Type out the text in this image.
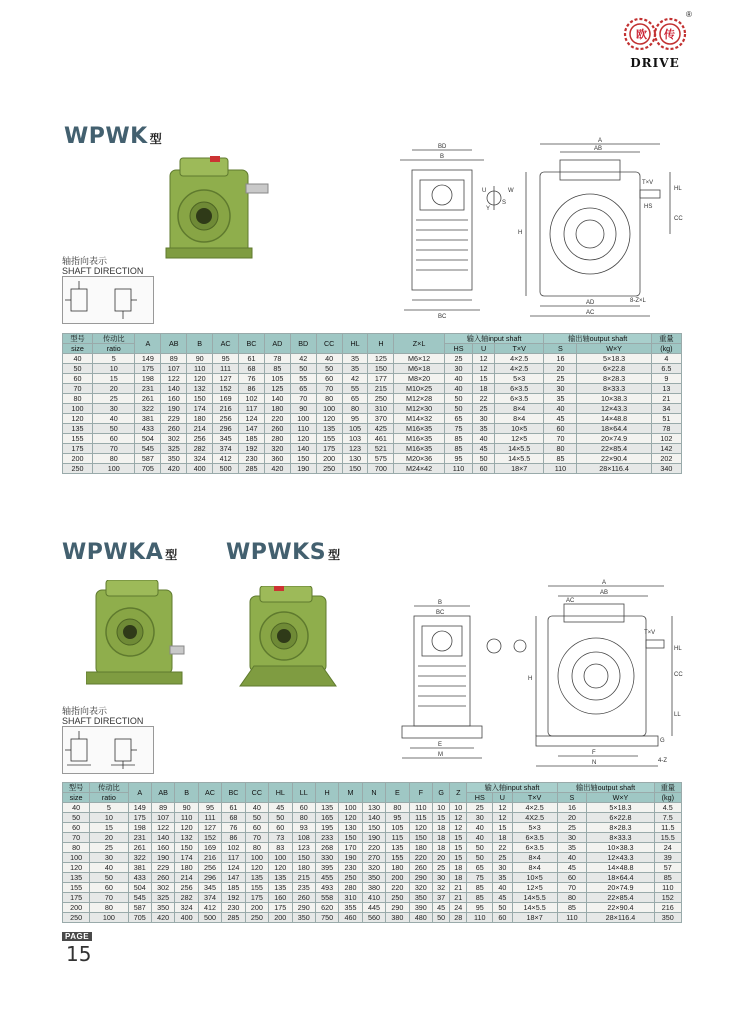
欧 传
®
DRIVE
WPWK 型
轴指向表示
SHAFT DIRECTION
A
AB
B
BD
AD
AC
BC
HS
HL
CC
H
T×V
U
S
W
Y
8-Z×L
型号	传动比	A	AB	B	AC	BC	AD	BD	CC	HL	H	Z×L	输入轴input shaft			输出轴output shaft		重量
size	ratio												HS	U	T×V	S	W×Y	(kg)
40	5	149	89	90	95	61	78	42	40	35	125	M6×12	25	12	4×2.5	16	5×18.3	4
50	10	175	107	110	111	68	85	50	50	35	150	M6×18	30	12	4×2.5	20	6×22.8	6.5
60	15	198	122	120	127	76	105	55	60	42	177	M8×20	40	15	5×3	25	8×28.3	9
70	20	231	140	132	152	86	125	65	70	55	215	M10×25	40	18	6×3.5	30	8×33.3	13
80	25	261	160	150	169	102	140	70	80	65	250	M12×28	50	22	6×3.5	35	10×38.3	21
100	30	322	190	174	216	117	180	90	100	80	310	M12×30	50	25	8×4	40	12×43.3	34
120	40	381	229	180	256	124	220	100	120	95	370	M14×32	65	30	8×4	45	14×48.8	51
135	50	433	260	214	296	147	260	110	135	105	425	M16×35	75	35	10×5	60	18×64.4	78
155	60	504	302	256	345	185	280	120	155	103	461	M16×35	85	40	12×5	70	20×74.9	102
175	70	545	325	282	374	192	320	140	175	123	521	M16×35	85	45	14×5.5	80	22×85.4	142
200	80	587	350	324	412	230	360	150	200	130	575	M20×36	95	50	14×5.5	85	22×90.4	202
250	100	705	420	400	500	285	420	190	250	150	700	M24×42	110	60	18×7	110	28×116.4	340
WPWKA 型 WPWKS 型
轴指向表示
SHAFT DIRECTION
A
AB
AC
B
BC
E
M	F
N
H
LL
HL
CC
T×V
G
4-Z
型号	传动比	A	AB	B	AC	BC	CC	HL	LL	H	M	N	E	F	G	Z	输入轴input shaft			输出轴output shaft		重量
size	ratio																HS	U	T×V	S	W×Y	(kg)
40	5	149	89	90	95	61	40	45	60	135	100	130	80	110	10	10	25	12	4×2.5	16	5×18.3	4.5
50	10	175	107	110	111	68	50	50	80	165	120	140	95	115	15	12	30	12	4X2.5	20	6×22.8	7.5
60	15	198	122	120	127	76	60	60	93	195	130	150	105	120	18	12	40	15	5×3	25	8×28.3	11.5
70	20	231	140	132	152	86	70	73	108	233	150	190	115	150	18	15	40	18	6×3.5	30	8×33.3	15.5
80	25	261	160	150	169	102	80	83	123	268	170	220	135	180	18	15	50	22	6×3.5	35	10×38.3	24
100	30	322	190	174	216	117	100	100	150	330	190	270	155	220	20	15	50	25	8×4	40	12×43.3	39
120	40	381	229	180	256	124	120	120	180	395	230	320	180	260	25	18	65	30	8×4	45	14×48.8	57
135	50	433	260	214	296	147	135	135	215	455	250	350	200	290	30	18	75	35	10×5	60	18×64.4	85
155	60	504	302	256	345	185	155	135	235	493	280	380	220	320	32	21	85	40	12×5	70	20×74.9	110
175	70	545	325	282	374	192	175	160	260	558	310	410	250	350	37	21	85	45	14×5.5	80	22×85.4	152
200	80	587	350	324	412	230	200	175	290	620	355	445	290	390	45	24	95	50	14×5.5	85	22×90.4	216
250	100	705	420	400	500	285	250	200	350	750	460	560	380	480	50	28	110	60	18×7	110	28×116.4	350
PAGE
15
